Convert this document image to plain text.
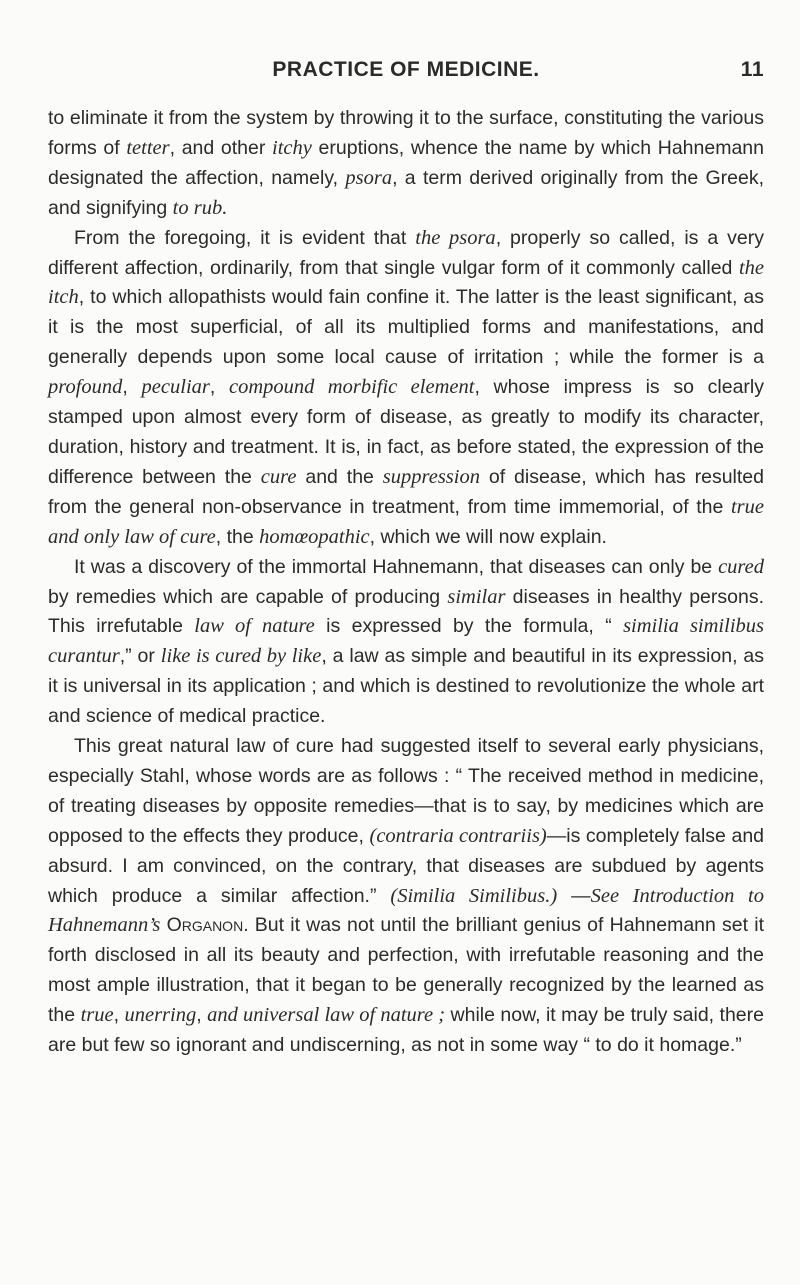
PRACTICE OF MEDICINE.	11

to eliminate it from the system by throwing it to the surface, constituting the various forms of tetter, and other itchy eruptions, whence the name by which Hahnemann designated the affection, namely, psora, a term derived originally from the Greek, and signifying to rub.

From the foregoing, it is evident that the psora, properly so called, is a very different affection, ordinarily, from that single vulgar form of it commonly called the itch, to which allopathists would fain confine it. The latter is the least significant, as it is the most superficial, of all its multiplied forms and manifestations, and generally depends upon some local cause of irritation ; while the former is a profound, peculiar, compound morbific element, whose impress is so clearly stamped upon almost every form of disease, as greatly to modify its character, duration, history and treatment. It is, in fact, as before stated, the expression of the difference between the cure and the suppression of disease, which has resulted from the general non-observance in treatment, from time immemorial, of the true and only law of cure, the homœopathic, which we will now explain.

It was a discovery of the immortal Hahnemann, that diseases can only be cured by remedies which are capable of producing similar diseases in healthy persons. This irrefutable law of nature is expressed by the formula, “ similia similibus curantur,” or like is cured by like, a law as simple and beautiful in its expression, as it is universal in its application ; and which is destined to revolutionize the whole art and science of medical practice.

This great natural law of cure had suggested itself to several early physicians, especially Stahl, whose words are as follows : “ The received method in medicine, of treating diseases by opposite remedies—that is to say, by medicines which are opposed to the effects they produce, (contraria contrariis)—is completely false and absurd. I am convinced, on the contrary, that diseases are subdued by agents which produce a similar affection.” (Similia Similibus.) —See Introduction to Hahnemann’s Organon. But it was not until the brilliant genius of Hahnemann set it forth disclosed in all its beauty and perfection, with irrefutable reasoning and the most ample illustration, that it began to be generally recognized by the learned as the true, unerring, and universal law of nature ; while now, it may be truly said, there are but few so ignorant and undiscerning, as not in some way “ to do it homage.”
